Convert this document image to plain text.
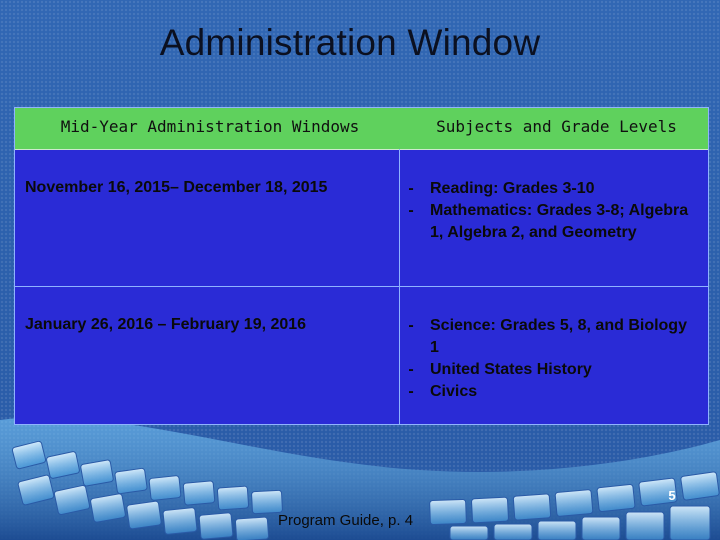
Administration Window
Mid-Year Administration Windows	Subjects and Grade Levels
November 16, 2015– December 18, 2015	- Reading: Grades 3-10
- Mathematics: Grades 3-8; Algebra 1, Algebra 2, and Geometry
January 26, 2016 – February 19, 2016	- Science: Grades 5, 8, and Biology 1
- United States History
- Civics
5
Program Guide, p. 4
